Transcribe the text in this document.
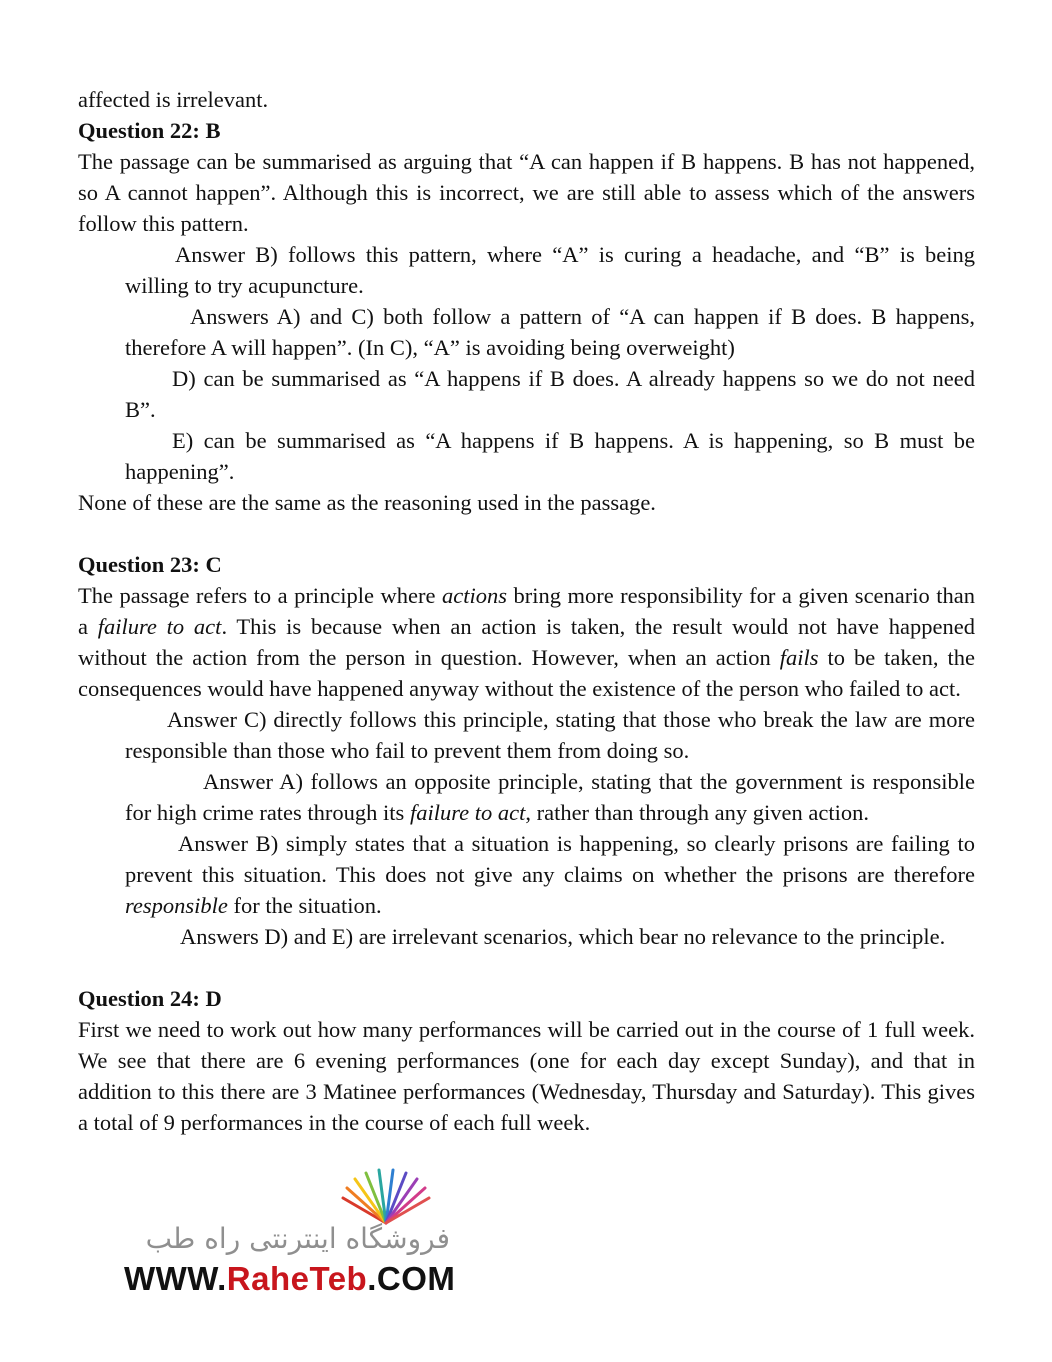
affected is irrelevant.

Question 22: B

The passage can be summarised as arguing that “A can happen if B happens. B has not happened, so A cannot happen”. Although this is incorrect, we are still able to assess which of the answers follow this pattern.

Answer B) follows this pattern, where “A” is curing a headache, and “B” is being willing to try acupuncture.

Answers A) and C) both follow a pattern of “A can happen if B does. B happens, therefore A will happen”. (In C), “A” is avoiding being overweight)

D) can be summarised as “A happens if B does. A already happens so we do not need B”.

E) can be summarised as “A happens if B happens. A is happening, so B must be happening”.

None of these are the same as the reasoning used in the passage.

Question 23: C

The passage refers to a principle where actions bring more responsibility for a given scenario than a failure to act. This is because when an action is taken, the result would not have happened without the action from the person in question. However, when an action fails to be taken, the consequences would have happened anyway without the existence of the person who failed to act.

Answer C) directly follows this principle, stating that those who break the law are more responsible than those who fail to prevent them from doing so.

Answer A) follows an opposite principle, stating that the government is responsible for high crime rates through its failure to act, rather than through any given action.

Answer B) simply states that a situation is happening, so clearly prisons are failing to prevent this situation. This does not give any claims on whether the prisons are therefore responsible for the situation.

Answers D) and E) are irrelevant scenarios, which bear no relevance to the principle.

Question 24: D

First we need to work out how many performances will be carried out in the course of 1 full week. We see that there are 6 evening performances (one for each day except Sunday), and that in addition to this there are 3 Matinee performances (Wednesday, Thursday and Saturday). This gives a total of 9 performances in the course of each full week.

فروشگاه اینترنتی راه طب
WWW.RaheTeb.COM
